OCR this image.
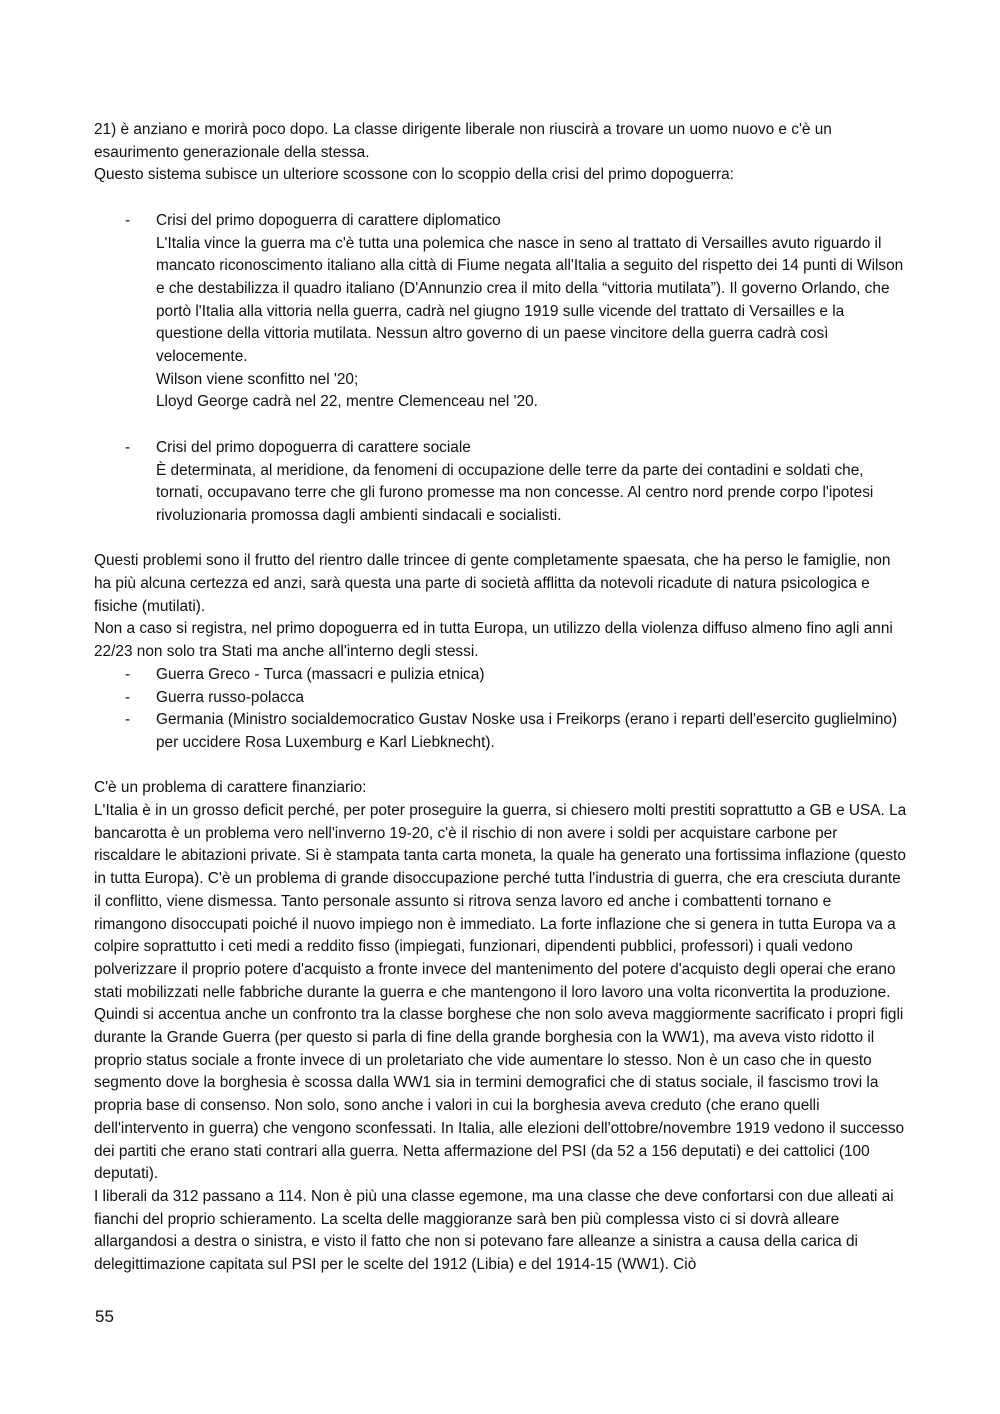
21) è anziano e morirà poco dopo. La classe dirigente liberale non riuscirà a trovare un uomo nuovo e c'è un esaurimento generazionale della stessa.

Questo sistema subisce un ulteriore scossone con lo scoppio della crisi del primo dopoguerra:

- Crisi del primo dopoguerra di carattere diplomatico
L'Italia vince la guerra ma c'è tutta una polemica che nasce in seno al trattato di Versailles avuto riguardo il mancato riconoscimento italiano alla città di Fiume negata all'Italia a seguito del rispetto dei 14 punti di Wilson e che destabilizza il quadro italiano (D'Annunzio crea il mito della “vittoria mutilata”). Il governo Orlando, che portò l'Italia alla vittoria nella guerra, cadrà nel giugno 1919 sulle vicende del trattato di Versailles e la questione della vittoria mutilata. Nessun altro governo di un paese vincitore della guerra cadrà così velocemente.
Wilson viene sconfitto nel '20;
Lloyd George cadrà nel 22, mentre Clemenceau nel '20.
- Crisi del primo dopoguerra di carattere sociale
È determinata, al meridione, da fenomeni di occupazione delle terre da parte dei contadini e soldati che, tornati, occupavano terre che gli furono promesse ma non concesse. Al centro nord prende corpo l'ipotesi rivoluzionaria promossa dagli ambienti sindacali e socialisti.

Questi problemi sono il frutto del rientro dalle trincee di gente completamente spaesata, che ha perso le famiglie, non ha più alcuna certezza ed anzi, sarà questa una parte di società afflitta da notevoli ricadute di natura psicologica e fisiche (mutilati).

Non a caso si registra, nel primo dopoguerra ed in tutta Europa, un utilizzo della violenza diffuso almeno fino agli anni 22/23 non solo tra Stati ma anche all'interno degli stessi.

- Guerra Greco - Turca (massacri e pulizia etnica)
- Guerra russo-polacca
- Germania (Ministro socialdemocratico Gustav Noske usa i Freikorps (erano i reparti dell'esercito guglielmino) per uccidere Rosa Luxemburg e Karl Liebknecht).

C'è un problema di carattere finanziario:

L'Italia è in un grosso deficit perché, per poter proseguire la guerra, si chiesero molti prestiti soprattutto a GB e USA. La bancarotta è un problema vero nell'inverno 19-20, c'è il rischio di non avere i soldi per acquistare carbone per riscaldare le abitazioni private. Si è stampata tanta carta moneta, la quale ha generato una fortissima inflazione (questo in tutta Europa). C'è un problema di grande disoccupazione perché tutta l'industria di guerra, che era cresciuta durante il conflitto, viene dismessa. Tanto personale assunto si ritrova senza lavoro ed anche i combattenti tornano e rimangono disoccupati poiché il nuovo impiego non è immediato. La forte inflazione che si genera in tutta Europa va a colpire soprattutto i ceti medi a reddito fisso (impiegati, funzionari, dipendenti pubblici, professori) i quali vedono polverizzare il proprio potere d'acquisto a fronte invece del mantenimento del potere d'acquisto degli operai che erano stati mobilizzati nelle fabbriche durante la guerra e che mantengono il loro lavoro una volta riconvertita la produzione. Quindi si accentua anche un confronto tra la classe borghese che non solo aveva maggiormente sacrificato i propri figli durante la Grande Guerra (per questo si parla di fine della grande borghesia con la WW1), ma aveva visto ridotto il proprio status sociale a fronte invece di un proletariato che vide aumentare lo stesso. Non è un caso che in questo segmento dove la borghesia è scossa dalla WW1 sia in termini demografici che di status sociale, il fascismo trovi la propria base di consenso. Non solo, sono anche i valori in cui la borghesia aveva creduto (che erano quelli dell'intervento in guerra) che vengono sconfessati. In Italia, alle elezioni dell'ottobre/novembre 1919 vedono il successo dei partiti che erano stati contrari alla guerra. Netta affermazione del PSI (da 52 a 156 deputati) e dei cattolici (100 deputati).

I liberali da 312 passano a 114. Non è più una classe egemone, ma una classe che deve confortarsi con due alleati ai fianchi del proprio schieramento. La scelta delle maggioranze sarà ben più complessa visto ci si dovrà alleare allargandosi a destra o sinistra, e visto il fatto che non si potevano fare alleanze a sinistra a causa della carica di delegittimazione capitata sul PSI per le scelte del 1912 (Libia) e del 1914-15 (WW1). Ciò

55
